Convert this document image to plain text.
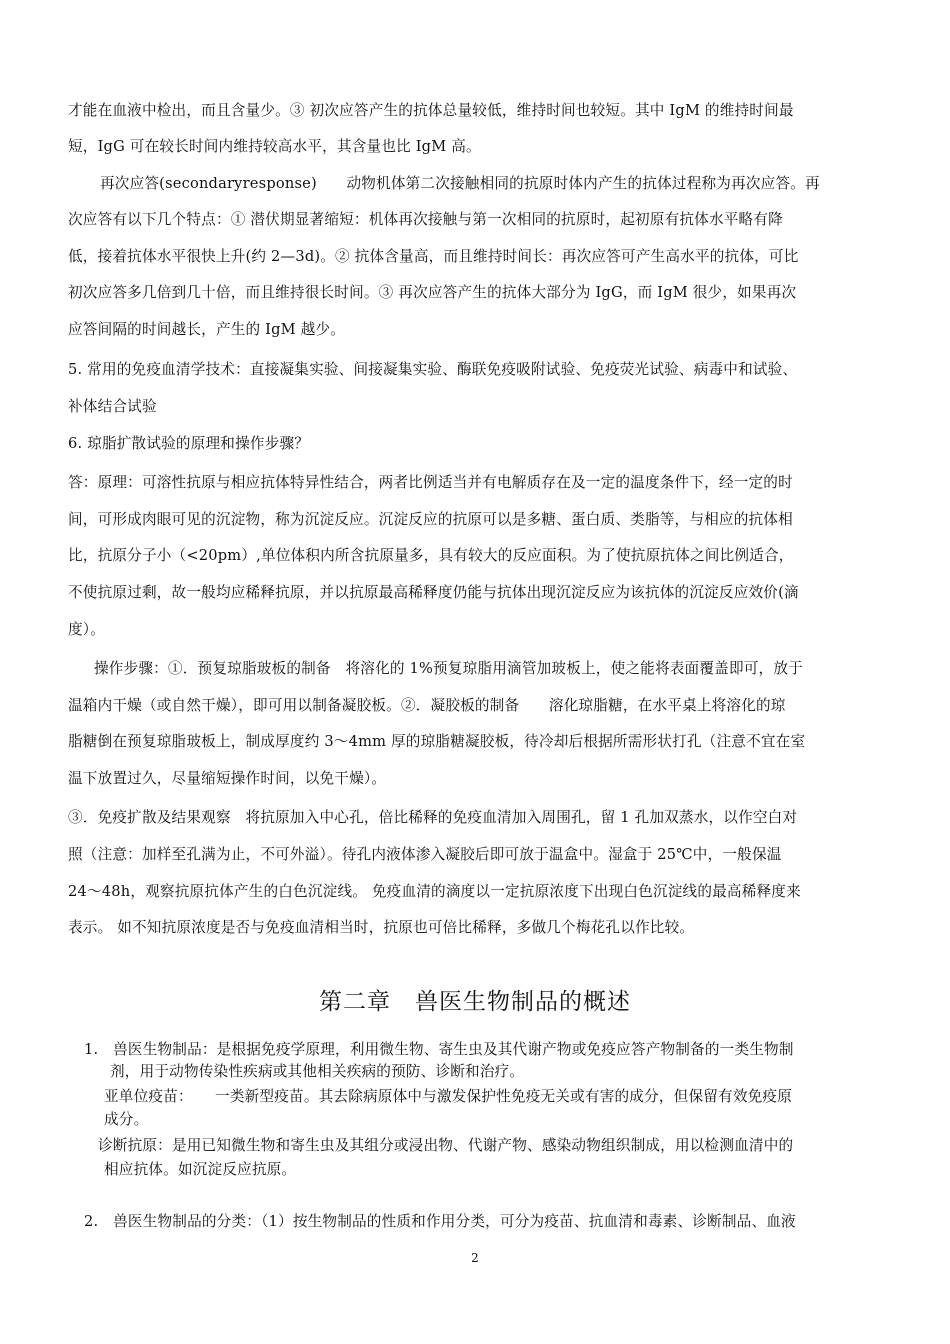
才能在血液中检出，而且含量少。③ 初次应答产生的抗体总量较低，维持时间也较短。其中 IgM 的维持时间最
短，IgG 可在较长时间内维持较高水平，其含量也比 IgM 高。
再次应答(secondaryresponse)　　动物机体第二次接触相同的抗原时体内产生的抗体过程称为再次应答。再
次应答有以下几个特点：① 潜伏期显著缩短：机体再次接触与第一次相同的抗原时，起初原有抗体水平略有降
低，接着抗体水平很快上升(约 2—3d)。② 抗体含量高，而且维持时间长：再次应答可产生高水平的抗体，可比
初次应答多几倍到几十倍，而且维持很长时间。③ 再次应答产生的抗体大部分为 IgG，而 IgM 很少，如果再次
应答间隔的时间越长，产生的 IgM 越少。
5. 常用的免疫血清学技术：直接凝集实验、间接凝集实验、酶联免疫吸附试验、免疫荧光试验、病毒中和试验、
补体结合试验
6. 琼脂扩散试验的原理和操作步骤？
答：原理：可溶性抗原与相应抗体特异性结合，两者比例适当并有电解质存在及一定的温度条件下，经一定的时
间，可形成肉眼可见的沉淀物，称为沉淀反应。沉淀反应的抗原可以是多糖、蛋白质、类脂等，与相应的抗体相
比，抗原分子小（<20pm）,单位体积内所含抗原量多，具有较大的反应面积。为了使抗原抗体之间比例适合，
不使抗原过剩，故一般均应稀释抗原，并以抗原最高稀释度仍能与抗体出现沉淀反应为该抗体的沉淀反应效价(滴
度）。
操作步骤：①．预复琼脂玻板的制备　将溶化的 1%预复琼脂用滴管加玻板上，使之能将表面覆盖即可，放于
温箱内干燥（或自然干燥），即可用以制备凝胶板。②．凝胶板的制备　　溶化琼脂糖，在水平桌上将溶化的琼
脂糖倒在预复琼脂玻板上，制成厚度约 3～4mm 厚的琼脂糖凝胶板，待冷却后根据所需形状打孔（注意不宜在室
温下放置过久，尽量缩短操作时间，以免干燥）。
③．免疫扩散及结果观察　将抗原加入中心孔，倍比稀释的免疫血清加入周围孔，留 1 孔加双蒸水，以作空白对
照（注意：加样至孔满为止，不可外溢）。待孔内液体渗入凝胶后即可放于温盒中。湿盒于 25℃中，一般保温
24～48h，观察抗原抗体产生的白色沉淀线。 免疫血清的滴度以一定抗原浓度下出现白色沉淀线的最高稀释度来
表示。 如不知抗原浓度是否与免疫血清相当时，抗原也可倍比稀释，多做几个梅花孔以作比较。
第二章　兽医生物制品的概述
1.　兽医生物制品：是根据免疫学原理，利用微生物、寄生虫及其代谢产物或免疫应答产物制备的一类生物制
剂，用于动物传染性疾病或其他相关疾病的预防、诊断和治疗。
亚单位疫苗：　　一类新型疫苗。其去除病原体中与激发保护性免疫无关或有害的成分，但保留有效免疫原
成分。
诊断抗原：是用已知微生物和寄生虫及其组分或浸出物、代谢产物、感染动物组织制成，用以检测血清中的
相应抗体。如沉淀反应抗原。
2.　兽医生物制品的分类：（1）按生物制品的性质和作用分类，可分为疫苗、抗血清和毒素、诊断制品、血液
2
